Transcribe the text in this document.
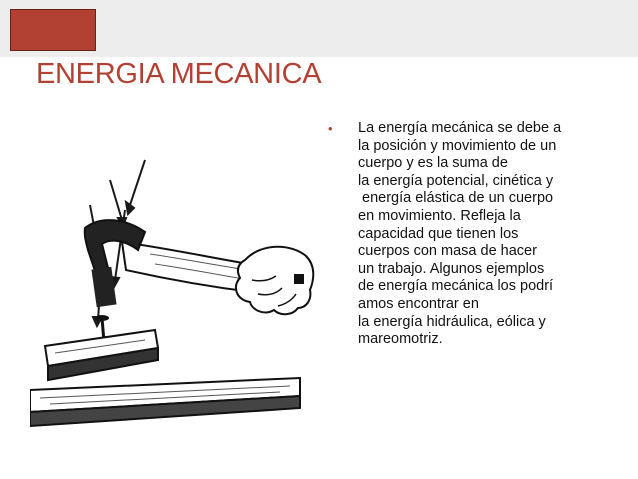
ENERGIA MECANICA
• La energía mecánica se debe a
la posición y movimiento de un
cuerpo y es la suma de
la energía potencial, cinética y
energía elástica de un cuerpo
en movimiento. Refleja la
capacidad que tienen los
cuerpos con masa de hacer
un trabajo. Algunos ejemplos
de energía mecánica los podrí
amos encontrar en
la energía hidráulica, eólica y
mareomotriz.
